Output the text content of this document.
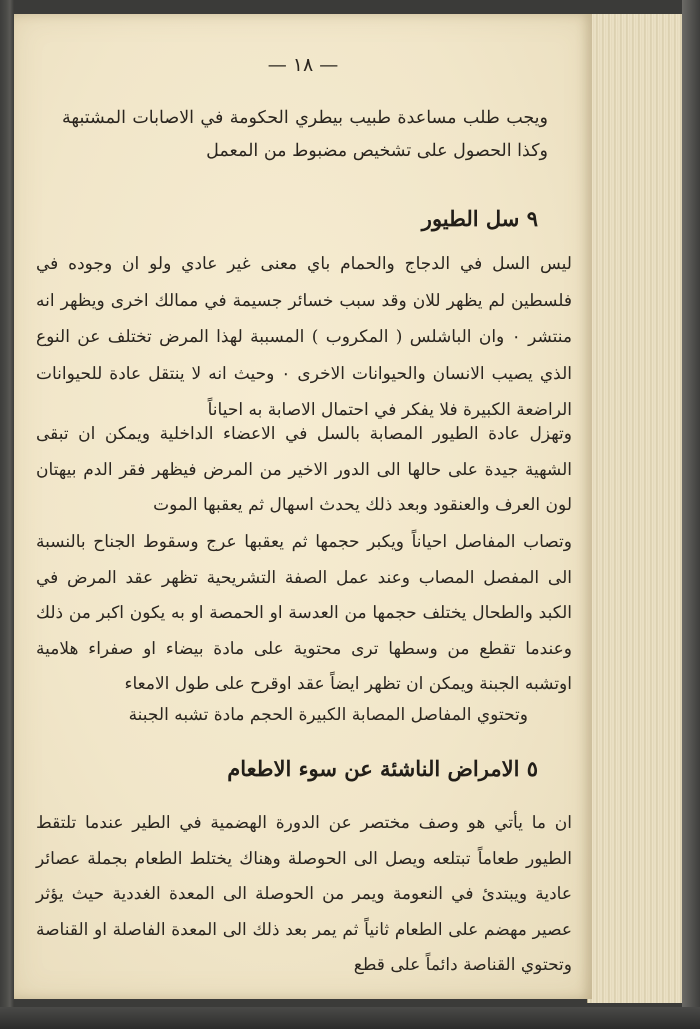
— ١٨ —

ويجب طلب مساعدة طبيب بيطري الحكومة في الاصابات المشتبهة وكذا الحصول على تشخيص مضبوط من المعمل

٩ سل الطيور

ليس السل في الدجاج والحمام باي معنى غير عادي ولو ان وجوده في فلسطين لم يظهر للان وقد سبب خسائر جسيمة في ممالك اخرى ويظهر انه منتشر ٠ وان الباشلس ( المكروب ) المسببة لهذا المرض تختلف عن النوع الذي يصيب الانسان والحيوانات الاخرى ٠ وحيث انه لا ينتقل عادة للحيوانات الراضعة الكبيرة فلا يفكر في احتمال الاصابة به احياناً

وتهزل عادة الطيور المصابة بالسل في الاعضاء الداخلية ويمكن ان تبقى الشهية جيدة على حالها الى الدور الاخير من المرض فيظهر فقر الدم بيهتان لون العرف والعنقود وبعد ذلك يحدث اسهال ثم يعقبها الموت

وتصاب المفاصل احياناً ويكبر حجمها ثم يعقبها عرج وسقوط الجناح بالنسبة الى المفصل المصاب وعند عمل الصفة التشريحية تظهر عقد المرض في الكبد والطحال يختلف حجمها من العدسة او الحمصة او به يكون اكبر من ذلك وعندما تقطع من وسطها ترى محتوية على مادة بيضاء او صفراء هلامية اوتشبه الجبنة ويمكن ان تظهر ايضاً عقد اوقرح على طول الامعاء

وتحتوي المفاصل المصابة الكبيرة الحجم مادة تشبه الجبنة

٥ الامراض الناشئة عن سوء الاطعام

ان ما يأتي هو وصف مختصر عن الدورة الهضمية في الطير عندما تلتقط الطيور طعاماً تبتلعه ويصل الى الحوصلة وهناك يختلط الطعام بجملة عصائر عادية ويبتدئ في النعومة ويمر من الحوصلة الى المعدة الغددية حيث يؤثر عصير مهضم على الطعام ثانياً ثم يمر بعد ذلك الى المعدة الفاصلة او القناصة وتحتوي القناصة دائماً على قطع
